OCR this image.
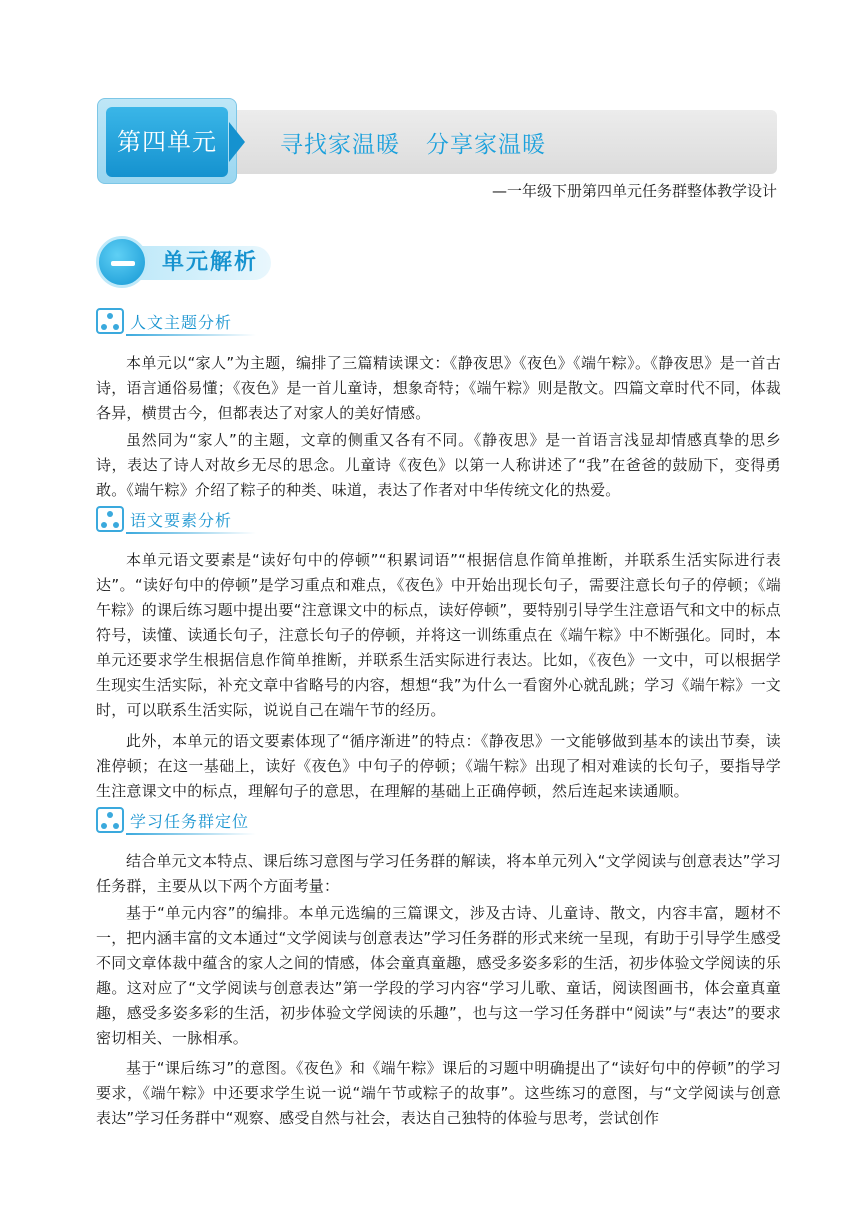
第四单元	寻找家温暖 分享家温暖
—一年级下册第四单元任务群整体教学设计
单元解析
人文主题分析
本单元以“家人”为主题，编排了三篇精读课文：《静夜思》《夜色》《端午粽》。《静夜思》是一首古诗，语言通俗易懂；《夜色》是一首儿童诗，想象奇特；《端午粽》则是散文。四篇文章时代不同，体裁各异，横贯古今，但都表达了对家人的美好情感。
虽然同为“家人”的主题，文章的侧重又各有不同。《静夜思》是一首语言浅显却情感真挚的思乡诗，表达了诗人对故乡无尽的思念。儿童诗《夜色》以第一人称讲述了“我”在爸爸的鼓励下，变得勇敢。《端午粽》介绍了粽子的种类、味道，表达了作者对中华传统文化的热爱。
语文要素分析
本单元语文要素是“读好句中的停顿”“积累词语”“根据信息作简单推断，并联系生活实际进行表达”。“读好句中的停顿”是学习重点和难点，《夜色》中开始出现长句子，需要注意长句子的停顿；《端午粽》的课后练习题中提出要“注意课文中的标点，读好停顿”，要特别引导学生注意语气和文中的标点符号，读懂、读通长句子，注意长句子的停顿，并将这一训练重点在《端午粽》中不断强化。同时，本单元还要求学生根据信息作简单推断，并联系生活实际进行表达。比如，《夜色》一文中，可以根据学生现实生活实际，补充文章中省略号的内容，想想“我”为什么一看窗外心就乱跳；学习《端午粽》一文时，可以联系生活实际，说说自己在端午节的经历。
此外，本单元的语文要素体现了“循序渐进”的特点：《静夜思》一文能够做到基本的读出节奏，读准停顿；在这一基础上，读好《夜色》中句子的停顿；《端午粽》出现了相对难读的长句子，要指导学生注意课文中的标点，理解句子的意思，在理解的基础上正确停顿，然后连起来读通顺。
学习任务群定位
结合单元文本特点、课后练习意图与学习任务群的解读，将本单元列入“文学阅读与创意表达”学习任务群，主要从以下两个方面考量：
基于“单元内容”的编排。本单元选编的三篇课文，涉及古诗、儿童诗、散文，内容丰富，题材不一，把内涵丰富的文本通过“文学阅读与创意表达”学习任务群的形式来统一呈现，有助于引导学生感受不同文章体裁中蕴含的家人之间的情感，体会童真童趣，感受多姿多彩的生活，初步体验文学阅读的乐趣。这对应了“文学阅读与创意表达”第一学段的学习内容“学习儿歌、童话，阅读图画书，体会童真童趣，感受多姿多彩的生活，初步体验文学阅读的乐趣”，也与这一学习任务群中“阅读”与“表达”的要求密切相关、一脉相承。
基于“课后练习”的意图。《夜色》和《端午粽》课后的习题中明确提出了“读好句中的停顿”的学习要求，《端午粽》中还要求学生说一说“端午节或粽子的故事”。这些练习的意图，与“文学阅读与创意表达”学习任务群中“观察、感受自然与社会，表达自己独特的体验与思考，尝试创作
